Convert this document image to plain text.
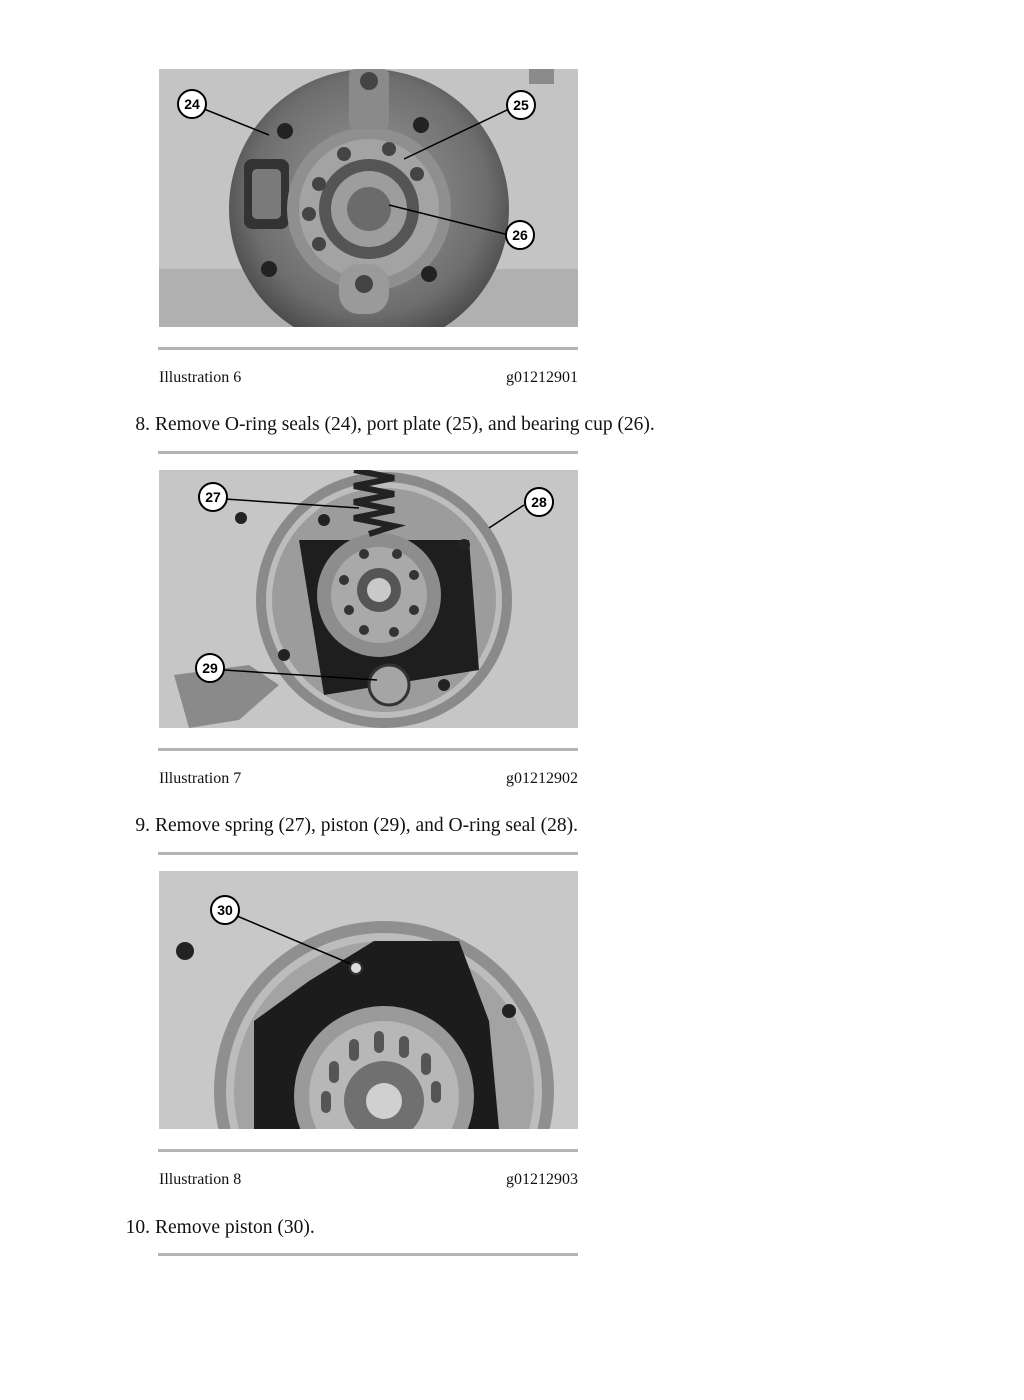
24	25
26
Illustration 6	g01212901
8. Remove O-ring seals (24), port plate (25), and bearing cup (26).
27	28
29
Illustration 7	g01212902
9. Remove spring (27), piston (29), and O-ring seal (28).
30
Illustration 8	g01212903
10. Remove piston (30).
